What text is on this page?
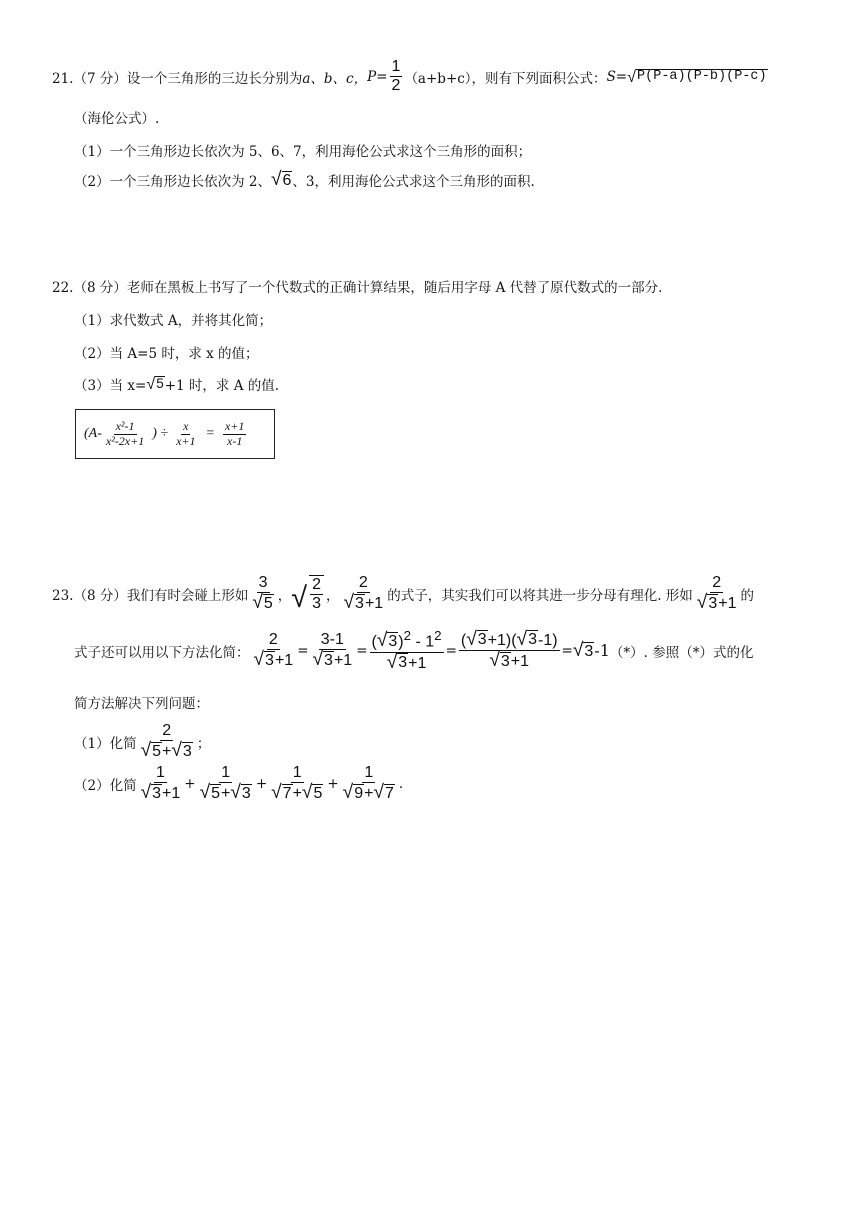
21.（7 分）设一个三角形的三边长分别为 a、b、c， $P= \frac{1}{2} (a+b+c)$，则有下列面积公式： S= √ P(P-a)(P-b)(P-c)
（海伦公式）.
（1）一个三角形边长依次为 5、6、7，利用海伦公式求这个三角形的面积；
（2）一个三角形边长依次为 2、 √ 6 、3，利用海伦公式求这个三角形的面积.
22.（8 分）老师在黑板上书写了一个代数式的正确计算结果，随后用字母 A 代替了原代数式的一部分.
（1）求代数式 A，并将其化简；
（2）当 A=5 时，求 x 的值；
（3）当 x= √ 5 +1 时，求 A 的值.
($A- \frac{\text{x²-1}}{\text{x²-2x+1}}$ ) ÷ $\frac{x}{x+1} = \frac{x+1}{x-1}$
23.（8 分）我们有时会碰上形如 $\frac{3}{√ 5}$ ， √ $\frac{2}{3}$ ， $\frac{2}{√ 3 +1}$ 的式子，其实我们可以将其进一步分母有理化. 形如 $\frac{2}{√ 3 +1}$ 的
式子还可以用以下方法化简： $\frac{2}{√ 3 +1} = \frac{3-1}{√ 3 +1} = \frac{( √ 3 )^2 - 1^2}{√ 3 +1} = \frac{( √ 3 +1)( √ 3 -1)}{√ 3 +1}$ = √ 3 -1 （*）. 参照（*）式的化
简方法解决下列问题：
（1）化简 $\frac{2}{√ 5 + √ 3}$ ；
（2）化简 $\frac{1}{√ 3 +1} + \frac{1}{√ 5 + √ 3} + \frac{1}{√ 7 + √ 5} + \frac{1}{√ 9 + √ 7}$ .
